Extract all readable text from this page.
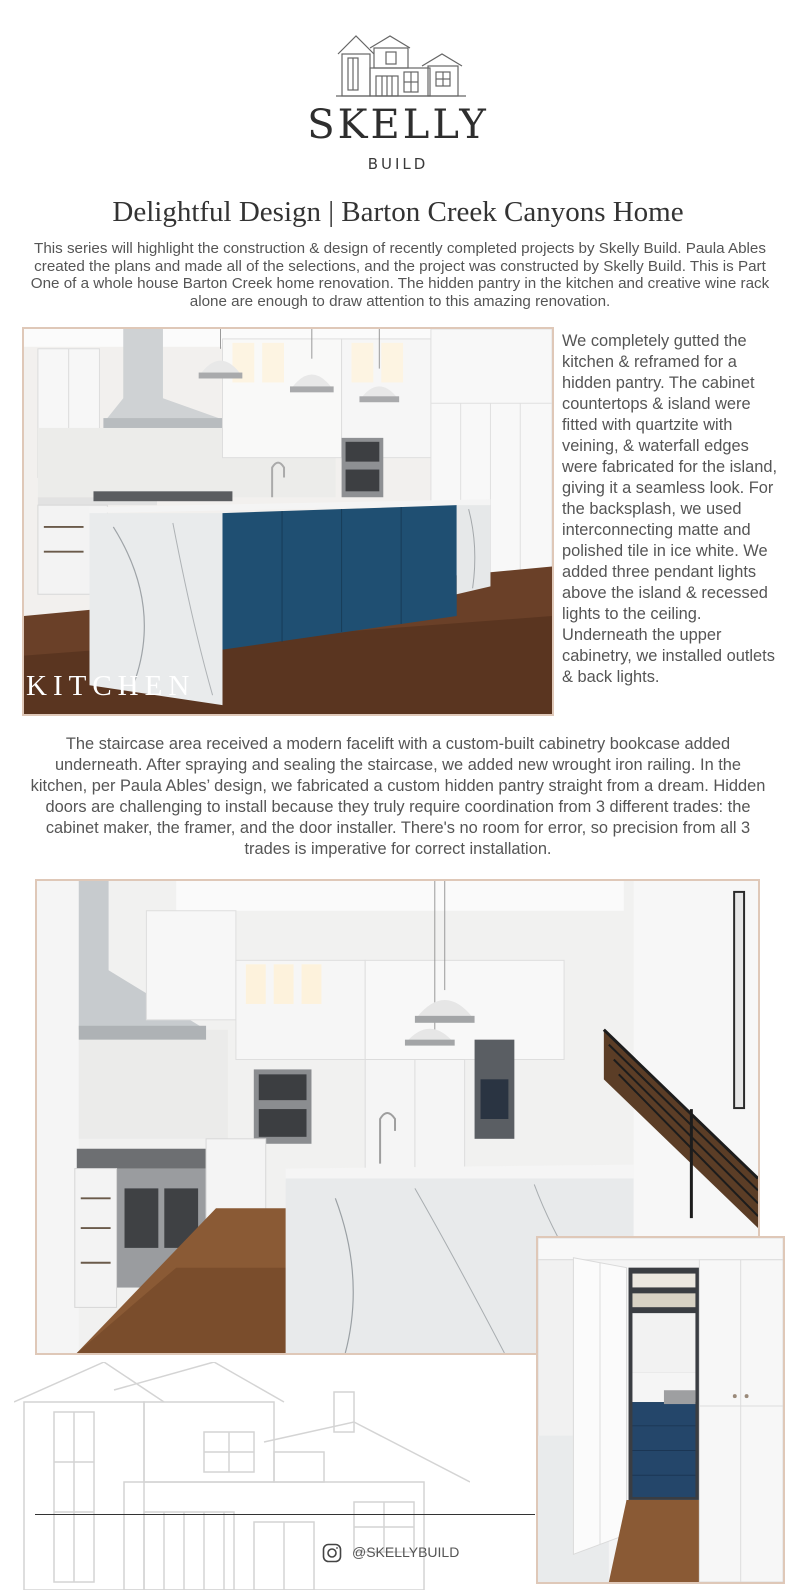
SKELLY
BUILD
Delightful Design | Barton Creek Canyons Home
This series will highlight the construction & design of recently completed projects by Skelly Build. Paula Ables created the plans and made all of the selections, and the project was constructed by Skelly Build. This is Part One of a whole house Barton Creek home renovation. The hidden pantry in the kitchen and creative wine rack alone are enough to draw attention to this amazing renovation.
KITCHEN
We completely gutted the kitchen & reframed for a hidden pantry. The cabinet countertops & island were fitted with quartzite with veining, & waterfall edges were fabricated for the island, giving it a seamless look. For the backsplash, we used interconnecting matte and polished tile in ice white. We added three pendant lights above the island & recessed lights to the ceiling. Underneath the upper cabinetry, we installed outlets & back lights.
The staircase area received a modern facelift with a custom-built cabinetry bookcase added underneath. After spraying and sealing the staircase, we added new wrought iron railing. In the kitchen, per Paula Ables’ design, we fabricated a custom hidden pantry straight from a dream. Hidden doors are challenging to install because they truly require coordination from 3 different trades: the cabinet maker, the framer, and the door installer. There's no room for error, so precision from all 3 trades is imperative for correct installation.
@SKELLYBUILD
